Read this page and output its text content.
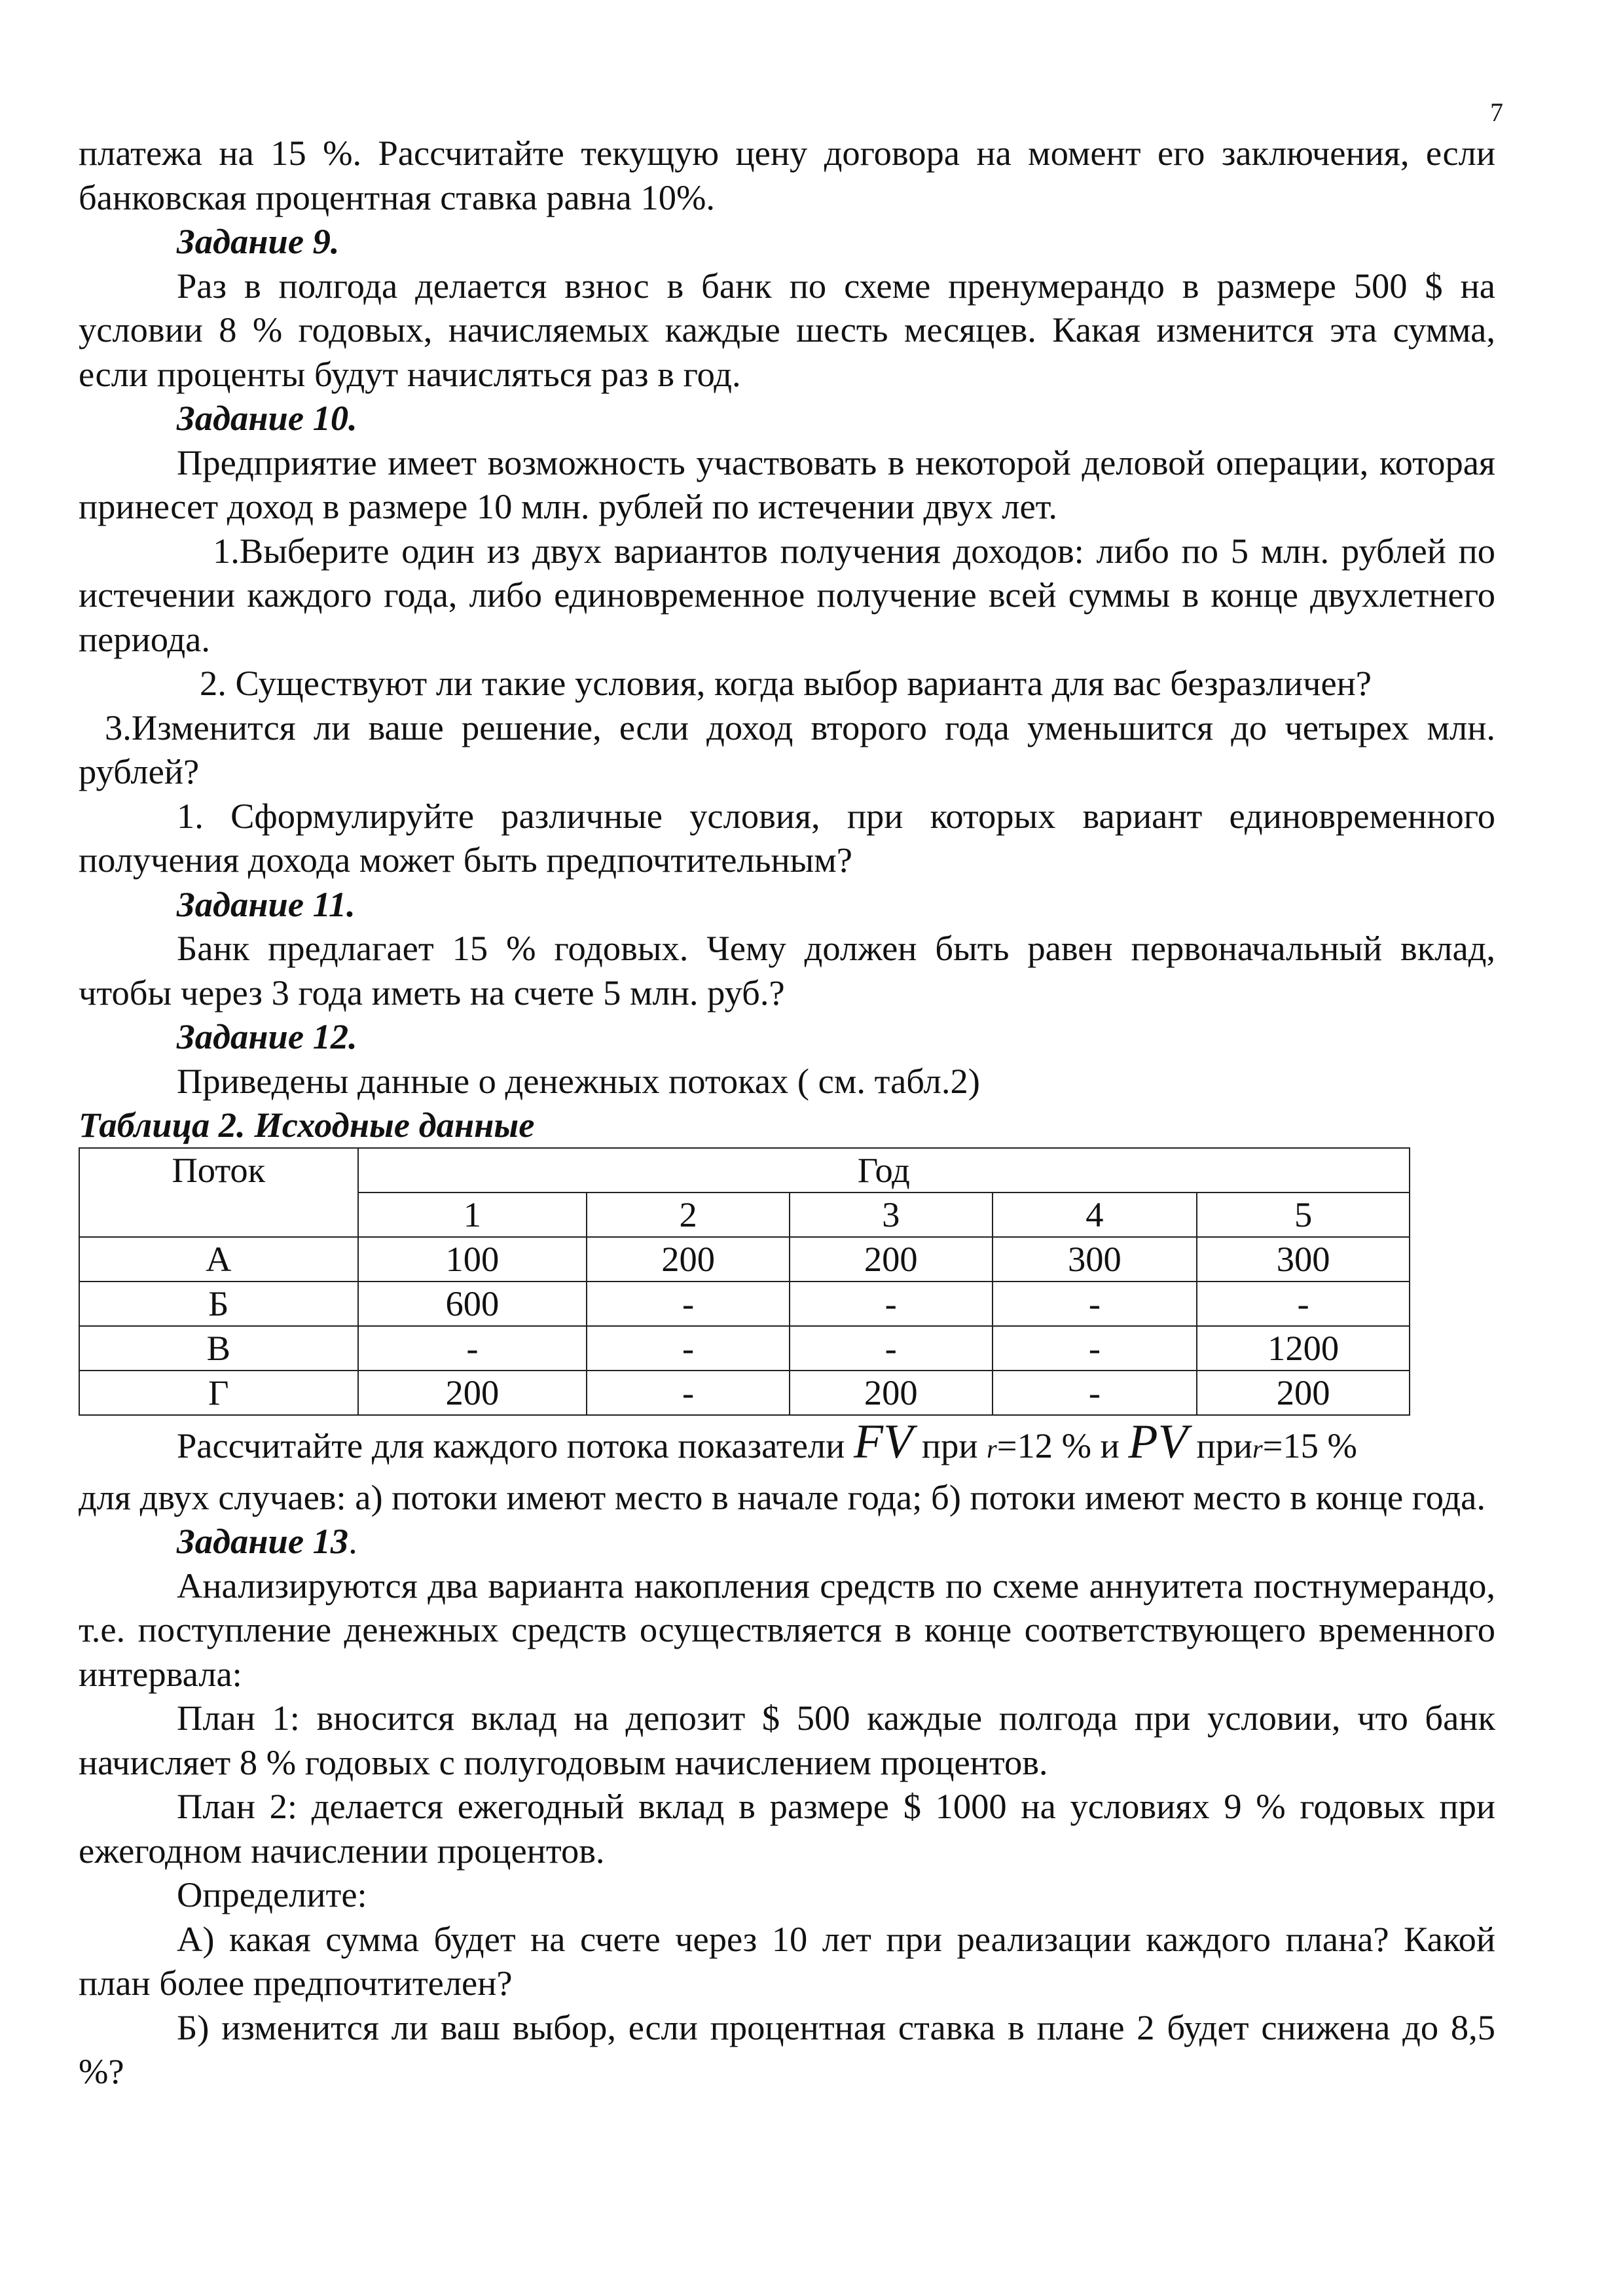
7

платежа на 15 %. Рассчитайте текущую цену договора на момент его заключения, если банковская процентная ставка равна 10%.

Задание 9.

Раз в полгода делается взнос в банк по схеме пренумерандо в размере 500 $ на условии 8 % годовых, начисляемых каждые шесть месяцев. Какая изменится эта сумма, если проценты будут начисляться раз в год.

Задание 10.

Предприятие имеет возможность участвовать в некоторой деловой операции, которая принесет доход в размере 10 млн. рублей по истечении двух лет.

1.Выберите один из двух вариантов получения доходов: либо по 5 млн. рублей по истечении каждого года, либо единовременное получение всей суммы в конце двухлетнего периода.

2. Существуют ли такие условия, когда выбор варианта для вас безразличен?

3.Изменится ли ваше решение, если доход второго года уменьшится до четырех млн. рублей?

1. Сформулируйте различные условия, при которых вариант единовременного получения дохода может быть предпочтительным?

Задание 11.

Банк предлагает 15 % годовых. Чему должен быть равен первоначальный вклад, чтобы через 3 года иметь на счете 5 млн. руб.?

Задание 12.

Приведены данные о денежных потоках ( см. табл.2)

Таблица 2. Исходные данные

Поток	Год				
	1	2	3	4	5
А	100	200	200	300	300
Б	600	-	-	-	-
В	-	-	-	-	1200
Г	200	-	200	-	200

Рассчитайте для каждого потока показатели FV при r=12 % и PV приr=15 %

для двух случаев: а) потоки имеют место в начале года; б) потоки имеют место в конце года.

Задание 13.

Анализируются два варианта накопления средств по схеме аннуитета постнумерандо, т.е. поступление денежных средств осуществляется в конце соответствующего временного интервала:

План 1: вносится вклад на депозит $ 500 каждые полгода при условии, что банк начисляет 8 % годовых с полугодовым начислением процентов.

План 2: делается ежегодный вклад в размере $ 1000 на условиях 9 % годовых при ежегодном начислении процентов.

Определите:

А) какая сумма будет на счете через 10 лет при реализации каждого плана? Какой план более предпочтителен?

Б) изменится ли ваш выбор, если процентная ставка в плане 2 будет снижена до 8,5 %?
